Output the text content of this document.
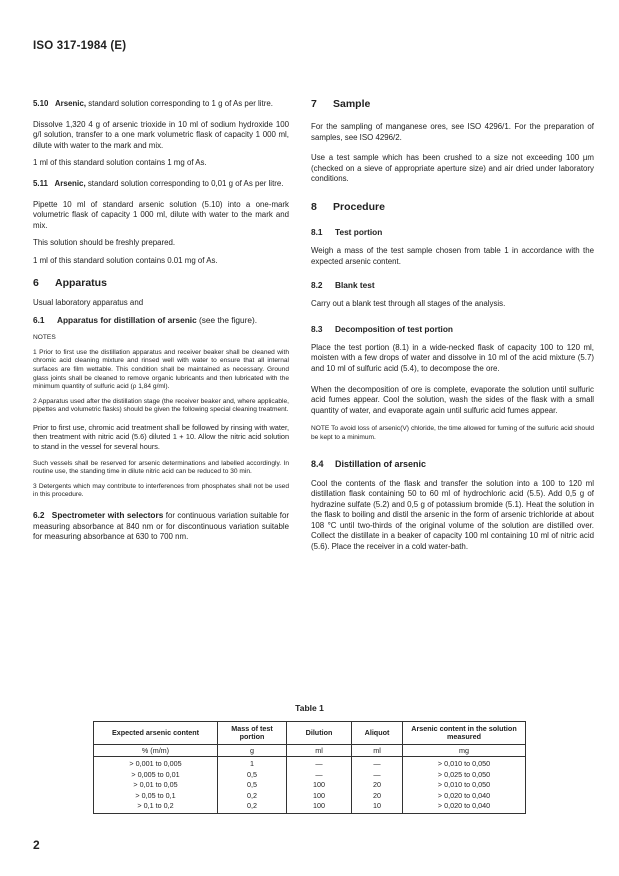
ISO 317-1984 (E)

5.10 Arsenic, standard solution corresponding to 1 g of As per litre.

Dissolve 1,320 4 g of arsenic trioxide in 10 ml of sodium hydroxide 100 g/l solution, transfer to a one mark volumetric flask of capacity 1 000 ml, dilute with water to the mark and mix.

1 ml of this standard solution contains 1 mg of As.

5.11 Arsenic, standard solution corresponding to 0,01 g of As per litre.

Pipette 10 ml of standard arsenic solution (5.10) into a one-mark volumetric flask of capacity 1 000 ml, dilute with water to the mark and mix.

This solution should be freshly prepared.

1 ml of this standard solution contains 0.01 mg of As.

6 Apparatus

Usual laboratory apparatus and

6.1 Apparatus for distillation of arsenic (see the figure).

NOTES

1 Prior to first use the distillation apparatus and receiver beaker shall be cleaned with chromic acid cleaning mixture and rinsed well with water to ensure that all internal surfaces are film wettable. This condition shall be maintained as necessary. Ground glass joints shall be cleaned to remove organic lubricants and then lubricated with the minimum quantity of sulfuric acid (ρ 1,84 g/ml).

2 Apparatus used after the distillation stage (the receiver beaker and, where applicable, pipettes and volumetric flasks) should be given the following special cleaning treatment.

Prior to first use, chromic acid treatment shall be followed by rinsing with water, then treatment with nitric acid (5.6) diluted 1 + 10. Allow the nitric acid solution to stand in the vessel for several hours.

Such vessels shall be reserved for arsenic determinations and labelled accordingly. In routine use, the standing time in dilute nitric acid can be reduced to 30 min.

3 Detergents which may contribute to interferences from phosphates shall not be used in this procedure.

6.2 Spectrometer with selectors for continuous variation suitable for measuring absorbance at 840 nm or for discontinuous variation suitable for measuring absorbance at 630 to 700 nm.

7 Sample

For the sampling of manganese ores, see ISO 4296/1. For the preparation of samples, see ISO 4296/2.

Use a test sample which has been crushed to a size not exceeding 100 µm (checked on a sieve of appropriate aperture size) and air dried under laboratory conditions.

8 Procedure
8.1 Test portion

Weigh a mass of the test sample chosen from table 1 in accordance with the expected arsenic content.

8.2 Blank test

Carry out a blank test through all stages of the analysis.

8.3 Decomposition of test portion

Place the test portion (8.1) in a wide-necked flask of capacity 100 to 120 ml, moisten with a few drops of water and dissolve in 10 ml of the acid mixture (5.7) and 10 ml of sulfuric acid (5.4), to decompose the ore.

When the decomposition of ore is complete, evaporate the solution until sulfuric acid fumes appear. Cool the solution, wash the sides of the flask with a small quantity of water, and evaporate again until sulfuric acid fumes appear.

NOTE To avoid loss of arsenic(V) chloride, the time allowed for fuming of the sulfuric acid should be kept to a minimum.

8.4 Distillation of arsenic

Cool the contents of the flask and transfer the solution into a 100 to 120 ml distillation flask containing 50 to 60 ml of hydrochloric acid (5.5). Add 0,5 g of hydrazine sulfate (5.2) and 0,5 g of potassium bromide (5.1). Heat the solution in the flask to boiling and distil the arsenic in the form of arsenic trichloride at about 108 °C until two-thirds of the original volume of the solution are distilled over. Collect the distillate in a beaker of capacity 100 ml containing 10 ml of nitric acid (5.6). Place the receiver in a cold water-bath.

Table 1
Expected arsenic content	Mass of test portion	Dilution	Aliquot	Arsenic content in the solution measured
% (m/m)	g	ml	ml	mg
> 0,001 to 0,005	1	—	—	> 0,010 to 0,050
> 0,005 to 0,01	0,5	—	—	> 0,025 to 0,050
> 0,01 to 0,05	0,5	100	20	> 0,010 to 0,050
> 0,05 to 0,1	0,2	100	20	> 0,020 to 0,040
> 0,1 to 0,2	0,2	100	10	> 0,020 to 0,040
2
